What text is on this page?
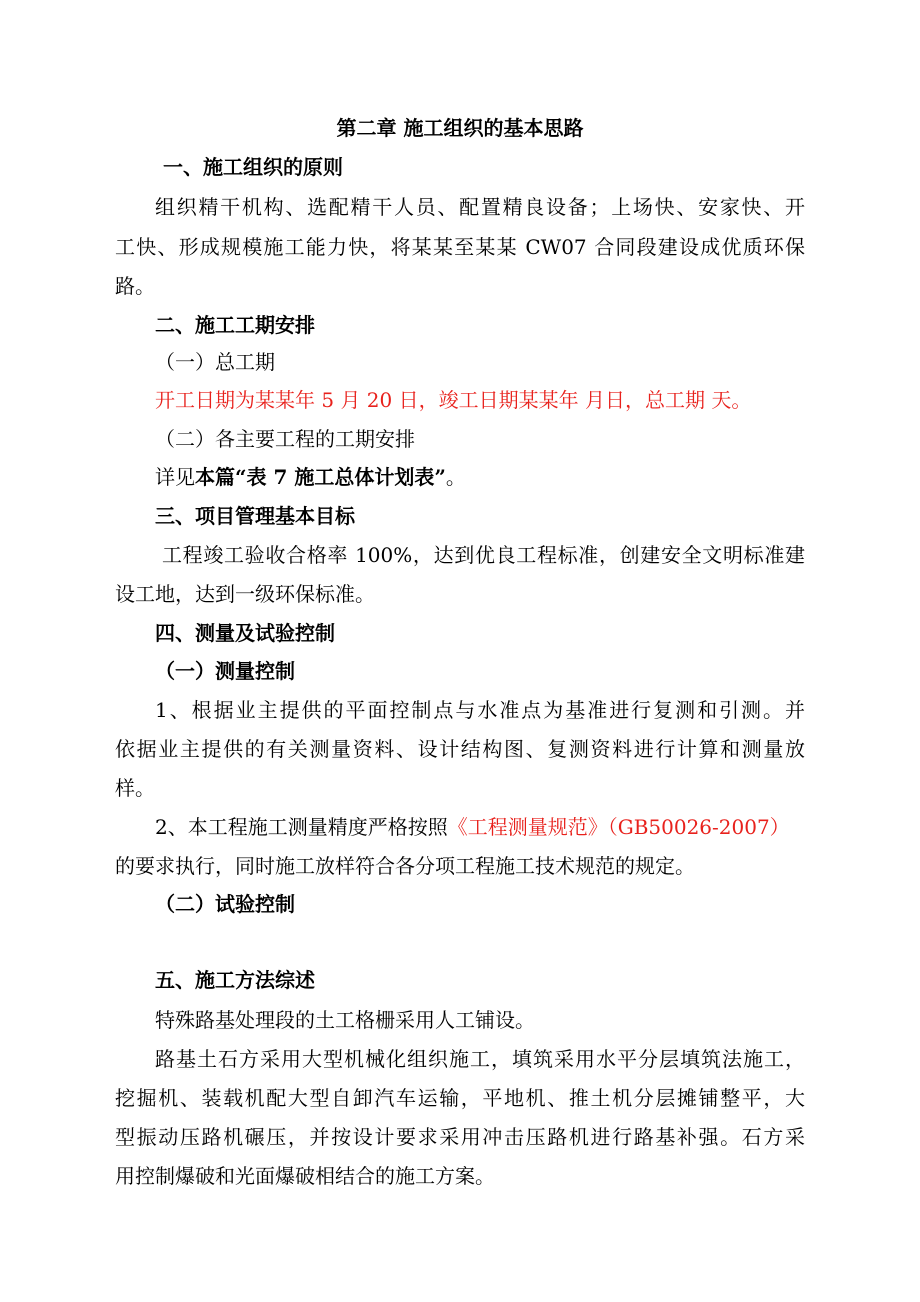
第二章 施工组织的基本思路
一、施工组织的原则
组织精干机构、选配精干人员、配置精良设备；上场快、安家快、开
工快、形成规模施工能力快，将某某至某某 CW07 合同段建设成优质环保
路。
二、施工工期安排
（一）总工期
开工日期为某某年 5 月 20 日，竣工日期某某年 月日，总工期 天。
（二）各主要工程的工期安排
详见本篇“表 7 施工总体计划表”。
三、项目管理基本目标
工程竣工验收合格率 100%，达到优良工程标准，创建安全文明标准建
设工地，达到一级环保标准。
四、测量及试验控制
（一）测量控制
1、根据业主提供的平面控制点与水准点为基准进行复测和引测。并
依据业主提供的有关测量资料、设计结构图、复测资料进行计算和测量放
样。
2、本工程施工测量精度严格按照《工程测量规范》（GB50026-2007）
的要求执行，同时施工放样符合各分项工程施工技术规范的规定。
（二）试验控制
五、施工方法综述
特殊路基处理段的土工格栅采用人工铺设。
路基土石方采用大型机械化组织施工，填筑采用水平分层填筑法施工，
挖掘机、装载机配大型自卸汽车运输，平地机、推土机分层摊铺整平，大
型振动压路机碾压，并按设计要求采用冲击压路机进行路基补强。石方采
用控制爆破和光面爆破相结合的施工方案。
